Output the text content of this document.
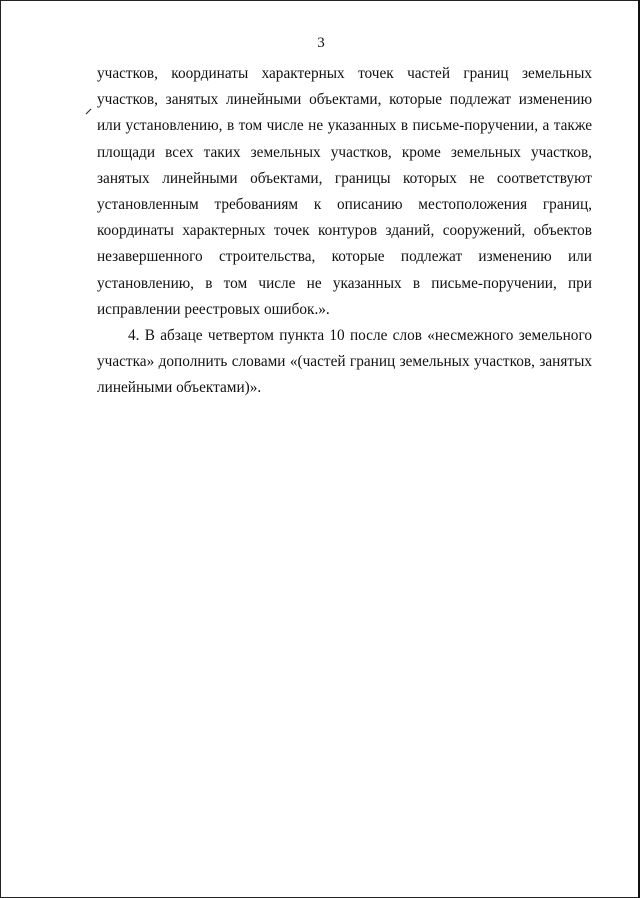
3

участков, координаты характерных точек частей границ земельных участков, занятых линейными объектами, которые подлежат изменению или установлению, в том числе не указанных в письме-поручении, а также площади всех таких земельных участков, кроме земельных участков, занятых линейными объектами, границы которых не соответствуют установленным требованиям к описанию местоположения границ, координаты характерных точек контуров зданий, сооружений, объектов незавершенного строительства, которые подлежат изменению или установлению, в том числе не указанных в письме-поручении, при исправлении реестровых ошибок.».

4. В абзаце четвертом пункта 10 после слов «несмежного земельного участка» дополнить словами «(частей границ земельных участков, занятых линейными объектами)».
